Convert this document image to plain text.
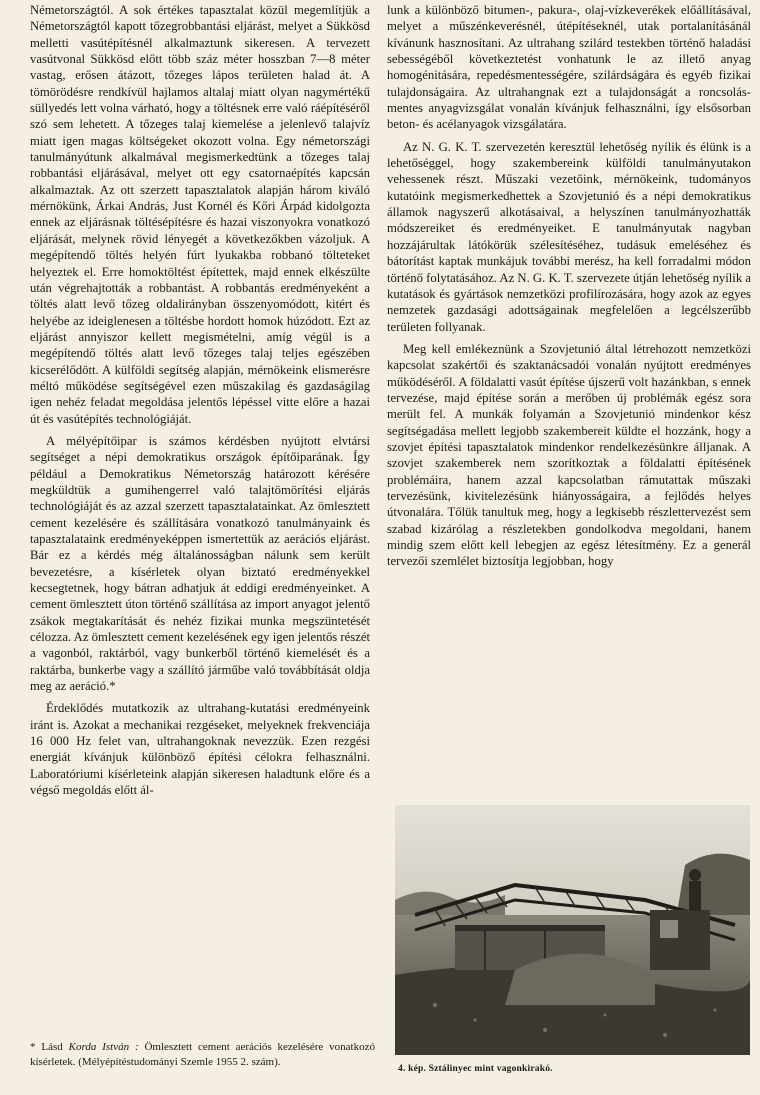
Németországtól. A sok értékes tapasztalat közül megemlítjük a Németországtól kapott tőzegrobbantási eljárást, melyet a Sükkösd melletti vasútépítésnél alkalmaztunk sikeresen. A tervezett vasútvonal Sükkösd előtt több száz méter hosszban 7—8 méter vastag, erősen átázott, tőzeges lápos területen halad át. A tömörödésre rendkívül hajlamos altalaj miatt olyan nagymértékű süllyedés lett volna várható, hogy a töltésnek erre való ráépítéséről szó sem lehetett. A tőzeges talaj kiemelése a jelenlevő talajvíz miatt igen magas költségeket okozott volna. Egy németországi tanulmányútunk alkalmával megismerkedtünk a tőzeges talaj robbantási eljárásával, melyet ott egy csatornaépítés kapcsán alkalmaztak. Az ott szerzett tapasztalatok alapján három kiváló mérnökünk, Árkai András, Just Kornél és Kőri Árpád kidolgozta ennek az eljárásnak töltésépítésre és hazai viszonyokra vonatkozó eljárását, melynek rövid lényegét a következőkben vázoljuk. A megépítendő töltés helyén fúrt lyukakba robbanó tölteteket helyeztek el. Erre homoktöltést építettek, majd ennek elkészülte után végrehajtották a robbantást. A robbantás eredményeként a töltés alatt levő tőzeg oldalirányban összenyomódott, kitért és helyébe az ideiglenesen a töltésbe hordott homok húzódott. Ezt az eljárást annyiszor kellett megismételni, amíg végül is a megépítendő töltés alatt levő tőzeges talaj teljes egészében kicserélődött. A külföldi segítség alapján, mérnökeink elismerésre méltó működése segítségével ezen műszakilag és gazdaságilag igen nehéz feladat megoldása jelentős lépéssel vitte előre a hazai út és vasútépítés technológiáját.

A mélyépítőipar is számos kérdésben nyújtott elvtársi segítséget a népi demokratikus országok építőiparának. Így például a Demokratikus Németország határozott kérésére megküldtük a gumihengerrel való talajtömörítési eljárás technológiáját és az azzal szerzett tapasztalatainkat. Az ömlesztett cement kezelésére és szállítására vonatkozó tanulmányaink és tapasztalataink eredményeképpen ismertettük az aerációs eljárást. Bár ez a kérdés még általánosságban nálunk sem került bevezetésre, a kísérletek olyan biztató eredményekkel kecsegtetnek, hogy bátran adhatjuk át eddigi eredményeinket. A cement ömlesztett úton történő szállítása az import anyagot jelentő zsákok megtakarítását és nehéz fizikai munka megszüntetését célozza. Az ömlesztett cement kezelésének egy igen jelentős részét a vagonból, raktárból, vagy bunkerből történő kiemelését és a raktárba, bunkerbe vagy a szállító járműbe való továbbítását oldja meg az aeráció.*

Érdeklődés mutatkozik az ultrahang-kutatási eredményeink iránt is. Azokat a mechanikai rezgéseket, melyeknek frekvenciája 16 000 Hz felet van, ultrahangoknak nevezzük. Ezen rezgési energiát kívánjuk különböző építési célokra felhasználni. Laboratóriumi kísérleteink alapján sikeresen haladtunk előre és a végső megoldás előtt ál-

lunk a különböző bitumen-, pakura-, olaj-vízkeverékek előállításával, melyet a műszénkeverésnél, útépítéseknél, utak portalanításánál kívánunk hasznosítani. Az ultrahang szilárd testekben történő haladási sebességéből következtetést vonhatunk le az illető anyag homogénitására, repedésmentességére, szilárdságára és egyéb fizikai tulajdonságaira. Az ultrahangnak ezt a tulajdonságát a roncsolás-mentes anyagvizsgálat vonalán kívánjuk felhasználni, így elsősorban beton- és acélanyagok vizsgálatára.

Az N. G. K. T. szervezetén keresztül lehetőség nyílik és élünk is a lehetőséggel, hogy szakembereink külföldi tanulmányutakon vehessenek részt. Műszaki vezetőink, mérnökeink, tudományos kutatóink megismerkedhettek a Szovjetunió és a népi demokratikus államok nagyszerű alkotásaival, a helyszínen tanulmányozhatták módszereiket és eredményeiket. E tanulmányutak nagyban hozzájárultak látókörük szélesítéséhez, tudásuk emeléséhez és bátorítást kaptak munkájuk további merész, ha kell forradalmi módon történő folytatásához. Az N. G. K. T. szervezete útján lehetőség nyílik a kutatások és gyártások nemzetközi profilírozására, hogy azok az egyes nemzetek gazdasági adottságainak megfelelően a legcélszerűbb területen follyanak.

Meg kell emlékeznünk a Szovjetunió által létrehozott nemzetközi kapcsolat szakértői és szaktanácsadói vonalán nyújtott eredményes működéséről. A földalatti vasút építése újszerű volt hazánkban, s ennek tervezése, majd építése során a merőben új problémák egész sora merült fel. A munkák folyamán a Szovjetunió mindenkor kész segítségadása mellett legjobb szakembereit küldte el hozzánk, hogy a szovjet építési tapasztalatok mindenkor rendelkezésünkre álljanak. A szovjet szakemberek nem szorítkoztak a földalatti építésének problémáira, hanem azzal kapcsolatban rámutattak műszaki tervezésünk, kivitelezésünk hiányosságaira, a fejlődés helyes útvonalára. Tőlük tanultuk meg, hogy a legkisebb részlettervezést sem szabad kizárólag a részletekben gondolkodva megoldani, hanem mindig szem előtt kell lebegjen az egész létesítmény. Ez a generál tervezői szemlélet biztosítja legjobban, hogy

* Lásd Korda István : Ömlesztett cement aerációs kezelésére vonatkozó kísérletek. (Mélyépítéstudományi Szemle 1955 2. szám).
4. kép. Sztálinyec mint vagonkirakó.
